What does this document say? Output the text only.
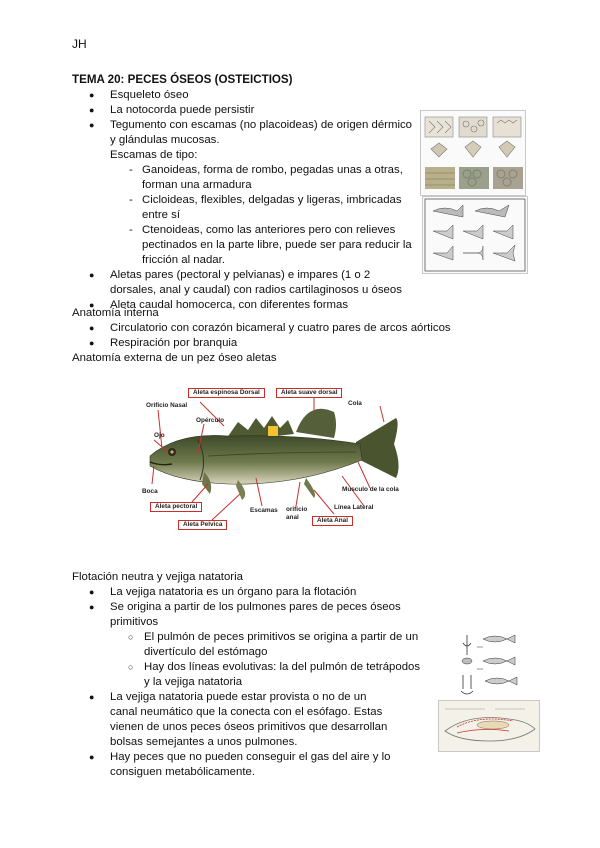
JH
TEMA 20: PECES ÓSEOS (OSTEICTIOS)
● Esqueleto óseo
● La notocorda puede persistir
● Tegumento con escamas (no placoideas) de origen dérmico y glándulas mucosas.
Escamas de tipo:
- Ganoideas, forma de rombo, pegadas unas a otras, forman una armadura
- Cicloideas, flexibles, delgadas y ligeras, imbricadas entre sí
- Ctenoideas, como las anteriores pero con relieves pectinados en la parte libre, puede ser para reducir la fricción al nadar.
● Aletas pares (pectoral y pelvianas) e impares (1 o 2 dorsales, anal y caudal) con radios cartilaginosos u óseos
● Aleta caudal homocerca, con diferentes formas
Anatomía interna
● Circulatorio con corazón bicameral y cuatro pares de arcos aórticos
● Respiración por branquia
Anatomía externa de un pez óseo aletas
Aleta espinosa Dorsal	Aleta suave dorsal
Orificio Nasal
Opérculo
Ojo
Cola
Boca	Musculo de la cola
Aleta pectoral
Escamas orificio anal
Línea Lateral
Aleta Anal
Aleta Pelvica
Flotación neutra y vejiga natatoria
● La vejiga natatoria es un órgano para la flotación
● Se origina a partir de los pulmones pares de peces óseos primitivos
○ El pulmón de peces primitivos se origina a partir de un divertículo del estómago
○ Hay dos líneas evolutivas: la del pulmón de tetrápodos y la vejiga natatoria
● La vejiga natatoria puede estar provista o no de un canal neumático que la conecta con el esófago. Estas vienen de unos peces óseos primitivos que desarrollan bolsas semejantes a unos pulmones.
● Hay peces que no pueden conseguir el gas del aire y lo consiguen metabólicamente.
